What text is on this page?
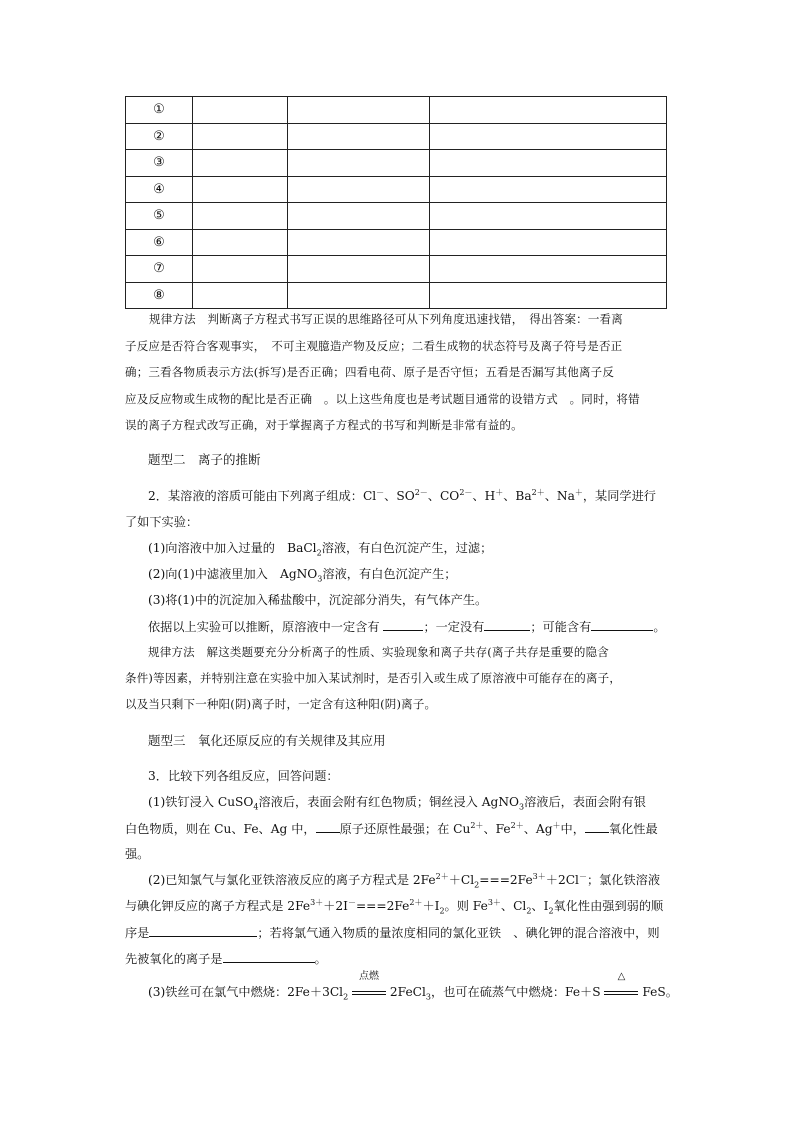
①			
②			
③			
④			
⑤			
⑥			
⑦			
⑧			
规律方法　判断离子方程式书写正误的思维路径可从下列角度迅速找错，　得出答案：一看离
子反应是否符合客观事实，　不可主观臆造产物及反应；二看生成物的状态符号及离子符号是否正
确；三看各物质表示方法(拆写)是否正确；四看电荷、原子是否守恒；五看是否漏写其他离子反
应及反应物或生成物的配比是否正确　。以上这些角度也是考试题目通常的设错方式　。同时，将错
误的离子方程式改写正确，对于掌握离子方程式的书写和判断是非常有益的。
题型二　离子的推断
2．某溶液的溶质可能由下列离子组成：Cl－、$SO^{2-}$、$CO^{2-}$、H＋、$Ba^{2+}$、Na＋，某同学进行
了如下实验：
(1)向溶液中加入过量的　BaCl$_2$溶液，有白色沉淀产生，过滤；
(2)向(1)中滤液里加入　AgNO$_3$溶液，有白色沉淀产生；
(3)将(1)中的沉淀加入稀盐酸中，沉淀部分消失，有气体产生。
依据以上实验可以推断，原溶液中一定含有	；一定没有	；可能含有	。
规律方法　解这类题要充分分析离子的性质、实验现象和离子共存(离子共存是重要的隐含
条件)等因素，并特别注意在实验中加入某试剂时，是否引入或生成了原溶液中可能存在的离子，
以及当只剩下一种阳(阴)离子时，一定含有这种阳(阴)离子。
题型三　氧化还原反应的有关规律及其应用
3．比较下列各组反应，回答问题：
(1)铁钉浸入 CuSO$_4$溶液后，表面会附有红色物质；铜丝浸入 AgNO$_3$溶液后，表面会附有银
白色物质，则在 Cu、Fe、Ag 中， 原子还原性最强；在 $Cu^{2+}$、$Fe^{2+}$、Ag＋中， 氧化性最
强。
(2)已知氯气与氯化亚铁溶液反应的离子方程式是 $2Fe^{2+}+Cl_2===2Fe^{3+}+2Cl^-$；氯化铁溶液
与碘化钾反应的离子方程式是 $2Fe^{3+}+2I^-===2Fe^{2+}+I_2$。则 $Fe^{3+}$、$Cl_2$、$I_2$氧化性由强到弱的顺
序是	；若将氯气通入物质的量浓度相同的氯化亚铁　、碘化钾的混合溶液中，则
先被氧化的离子是	。
(3)铁丝可在氯气中燃烧：$2Fe+3Cl_2$
点燃
2FeCl$_3$，也可在硫蒸气中燃烧：Fe＋S
△
FeS。
